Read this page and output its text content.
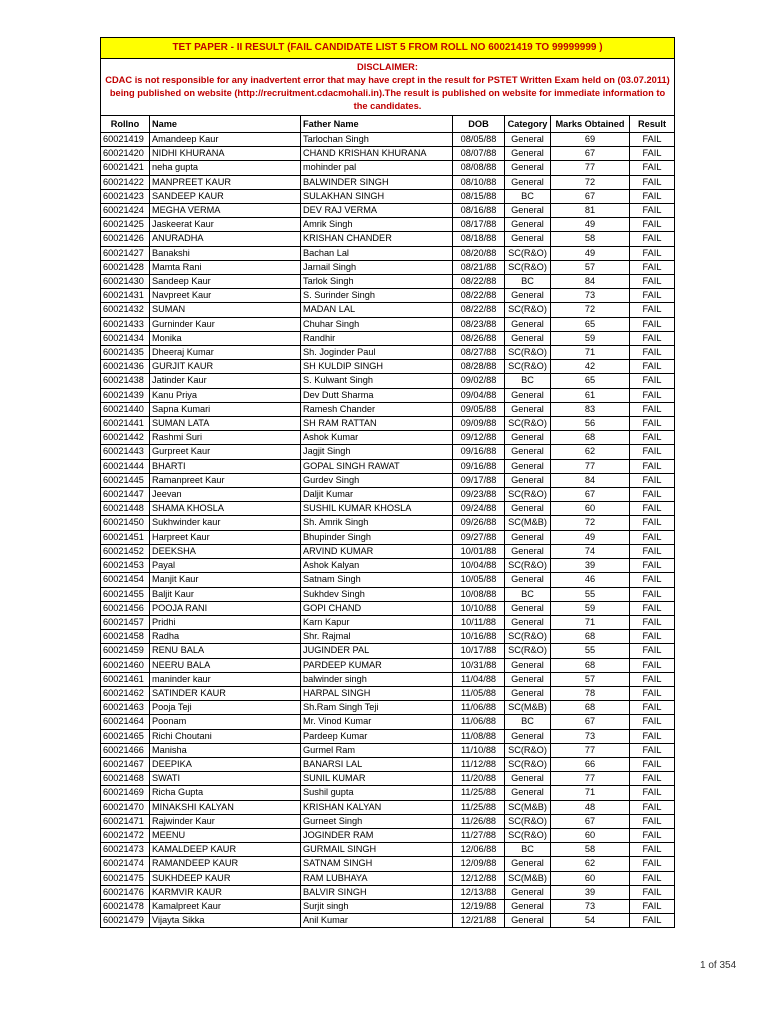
TET PAPER - II RESULT (FAIL CANDIDATE LIST 5 FROM ROLL NO 60021419 TO 99999999 )						

DISCLAIMER:
CDAC is not responsible for any inadvertent error that may have crept in the result for PSTET Written Exam held on (03.07.2011) being published on website (http://recruitment.cdacmohali.in).The result is published on website for immediate information to the candidates.						
Rollno	Name	Father Name	DOB	Category	Marks Obtained	Result
60021419	Amandeep Kaur	Tarlochan Singh	08/05/88	General	69	FAIL
60021420	NIDHI KHURANA	CHAND KRISHAN KHURANA	08/07/88	General	67	FAIL
60021421	neha gupta	mohinder pal	08/08/88	General	77	FAIL
60021422	MANPREET KAUR	BALWINDER SINGH	08/10/88	General	72	FAIL
60021423	SANDEEP KAUR	SULAKHAN SINGH	08/15/88	BC	67	FAIL
60021424	MEGHA VERMA	DEV RAJ VERMA	08/16/88	General	81	FAIL
60021425	Jaskeerat Kaur	Amrik Singh	08/17/88	General	49	FAIL
60021426	ANURADHA	KRISHAN CHANDER	08/18/88	General	58	FAIL
60021427	Banakshi	Bachan Lal	08/20/88	SC(R&O)	49	FAIL
60021428	Mamta Rani	Jarnail Singh	08/21/88	SC(R&O)	57	FAIL
60021430	Sandeep Kaur	Tarlok Singh	08/22/88	BC	84	FAIL
60021431	Navpreet Kaur	S. Surinder Singh	08/22/88	General	73	FAIL
60021432	SUMAN	MADAN LAL	08/22/88	SC(R&O)	72	FAIL
60021433	Gurninder Kaur	Chuhar Singh	08/23/88	General	65	FAIL
60021434	Monika	Randhir	08/26/88	General	59	FAIL
60021435	Dheeraj Kumar	Sh. Joginder Paul	08/27/88	SC(R&O)	71	FAIL
60021436	GURJIT KAUR	SH KULDIP SINGH	08/28/88	SC(R&O)	42	FAIL
60021438	Jatinder Kaur	S. Kulwant Singh	09/02/88	BC	65	FAIL
60021439	Kanu Priya	Dev Dutt Sharma	09/04/88	General	61	FAIL
60021440	Sapna Kumari	Ramesh Chander	09/05/88	General	83	FAIL
60021441	SUMAN LATA	SH RAM RATTAN	09/09/88	SC(R&O)	56	FAIL
60021442	Rashmi Suri	Ashok Kumar	09/12/88	General	68	FAIL
60021443	Gurpreet Kaur	Jagjit Singh	09/16/88	General	62	FAIL
60021444	BHARTI	GOPAL SINGH RAWAT	09/16/88	General	77	FAIL
60021445	Ramanpreet Kaur	Gurdev Singh	09/17/88	General	84	FAIL
60021447	Jeevan	Daljit Kumar	09/23/88	SC(R&O)	67	FAIL
60021448	SHAMA KHOSLA	SUSHIL KUMAR KHOSLA	09/24/88	General	60	FAIL
60021450	Sukhwinder kaur	Sh. Amrik Singh	09/26/88	SC(M&B)	72	FAIL
60021451	Harpreet Kaur	Bhupinder Singh	09/27/88	General	49	FAIL
60021452	DEEKSHA	ARVIND KUMAR	10/01/88	General	74	FAIL
60021453	Payal	Ashok Kalyan	10/04/88	SC(R&O)	39	FAIL
60021454	Manjit Kaur	Satnam Singh	10/05/88	General	46	FAIL
60021455	Baljit Kaur	Sukhdev Singh	10/08/88	BC	55	FAIL
60021456	POOJA RANI	GOPI CHAND	10/10/88	General	59	FAIL
60021457	Pridhi	Karn Kapur	10/11/88	General	71	FAIL
60021458	Radha	Shr. Rajmal	10/16/88	SC(R&O)	68	FAIL
60021459	RENU BALA	JUGINDER PAL	10/17/88	SC(R&O)	55	FAIL
60021460	NEERU BALA	PARDEEP KUMAR	10/31/88	General	68	FAIL
60021461	maninder kaur	balwinder singh	11/04/88	General	57	FAIL
60021462	SATINDER KAUR	HARPAL SINGH	11/05/88	General	78	FAIL
60021463	Pooja Teji	Sh.Ram Singh Teji	11/06/88	SC(M&B)	68	FAIL
60021464	Poonam	Mr. Vinod Kumar	11/06/88	BC	67	FAIL
60021465	Richi Choutani	Pardeep Kumar	11/08/88	General	73	FAIL
60021466	Manisha	Gurmel Ram	11/10/88	SC(R&O)	77	FAIL
60021467	DEEPIKA	BANARSI LAL	11/12/88	SC(R&O)	66	FAIL
60021468	SWATI	SUNIL KUMAR	11/20/88	General	77	FAIL
60021469	Richa Gupta	Sushil gupta	11/25/88	General	71	FAIL
60021470	MINAKSHI KALYAN	KRISHAN KALYAN	11/25/88	SC(M&B)	48	FAIL
60021471	Rajwinder Kaur	Gurneet Singh	11/26/88	SC(R&O)	67	FAIL
60021472	MEENU	JOGINDER RAM	11/27/88	SC(R&O)	60	FAIL
60021473	KAMALDEEP KAUR	GURMAIL SINGH	12/06/88	BC	58	FAIL
60021474	RAMANDEEP KAUR	SATNAM SINGH	12/09/88	General	62	FAIL
60021475	SUKHDEEP KAUR	RAM LUBHAYA	12/12/88	SC(M&B)	60	FAIL
60021476	KARMVIR KAUR	BALVIR SINGH	12/13/88	General	39	FAIL
60021478	Kamalpreet Kaur	Surjit singh	12/19/88	General	73	FAIL
60021479	Vijayta Sikka	Anil Kumar	12/21/88	General	54	FAIL
1 of 354
